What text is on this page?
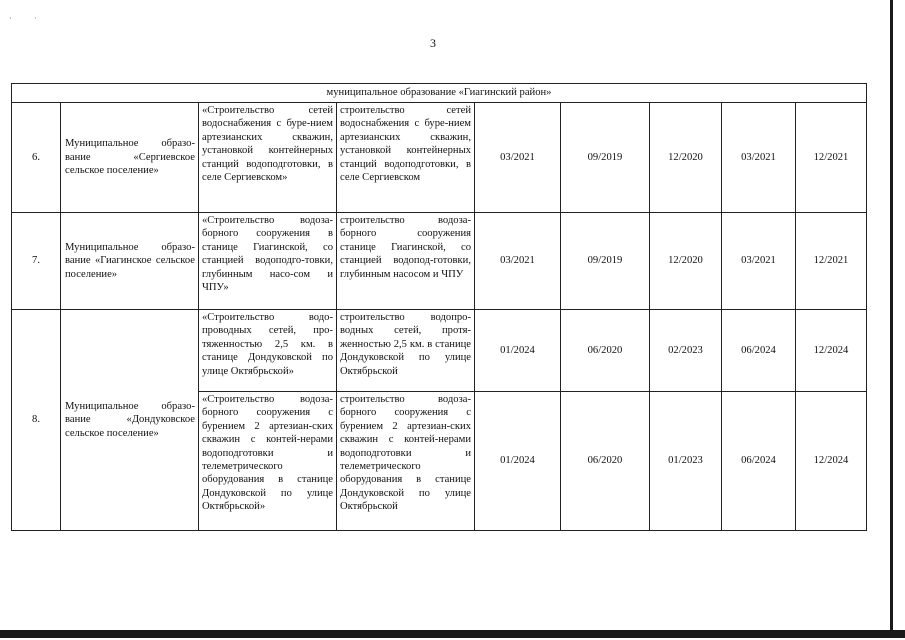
·	·
3
муниципальное образование «Гиагинский район»								
6.	Муниципальное образо-вание «Сергиевское сельское поселение»	«Строительство сетей водоснабжения с буре-нием артезианских скважин, установкой контейнерных станций водоподготовки, в селе Сергиевском»	строительство сетей водоснабжения с буре-нием артезианских скважин, установкой контейнерных станций водоподготовки, в селе Сергиевском	03/2021	09/2019	12/2020	03/2021	12/2021
7.	Муниципальное образо-вание «Гиагинское сельское поселение»	«Строительство водоза-борного сооружения в станице Гиагинской, со станцией водоподго-товки, глубинным насо-сом и ЧПУ»	строительство водоза-борного сооружения станице Гиагинской, со станцией водопод-готовки, глубинным насосом и ЧПУ	03/2021	09/2019	12/2020	03/2021	12/2021
8.	Муниципальное образо-вание «Дондуковское сельское поселение»	«Строительство водо-проводных сетей, про-тяженностью 2,5 км. в станице Дондуковской по улице Октябрьской»	строительство водопро-водных сетей, протя-женностью 2,5 км. в станице Дондуковской по улице Октябрьской	01/2024	06/2020	02/2023	06/2024	12/2024
		«Строительство водоза-борного сооружения с бурением 2 артезиан-ских скважин с контей-нерами водоподготовки и телеметрического оборудования в станице Дондуковской по улице Октябрьской»	строительство водоза-борного сооружения с бурением 2 артезиан-ских скважин с контей-нерами водоподготовки и телеметрического оборудования в станице Дондуковской по улице Октябрьской	01/2024	06/2020	01/2023	06/2024	12/2024
